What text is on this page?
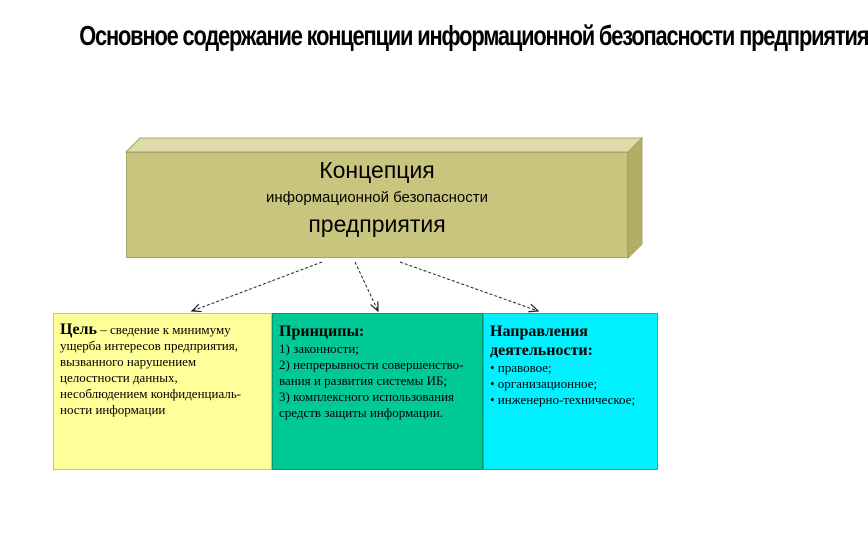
Основное содержание концепции информационной безопасности предприятия
Концепция
информационной безопасности
предприятия
Цель – сведение к минимуму
ущерба интересов предприятия,
вызванного нарушением
целостности данных,
несоблюдением конфиденциаль-
ности информации
Принципы:
1) законности;
2) непрерывности совершенство-
вания и развития системы ИБ;
3) комплексного использования
средств защиты информации.
Направления
деятельности:
• правовое;
• организационное;
• инженерно-техническое;
